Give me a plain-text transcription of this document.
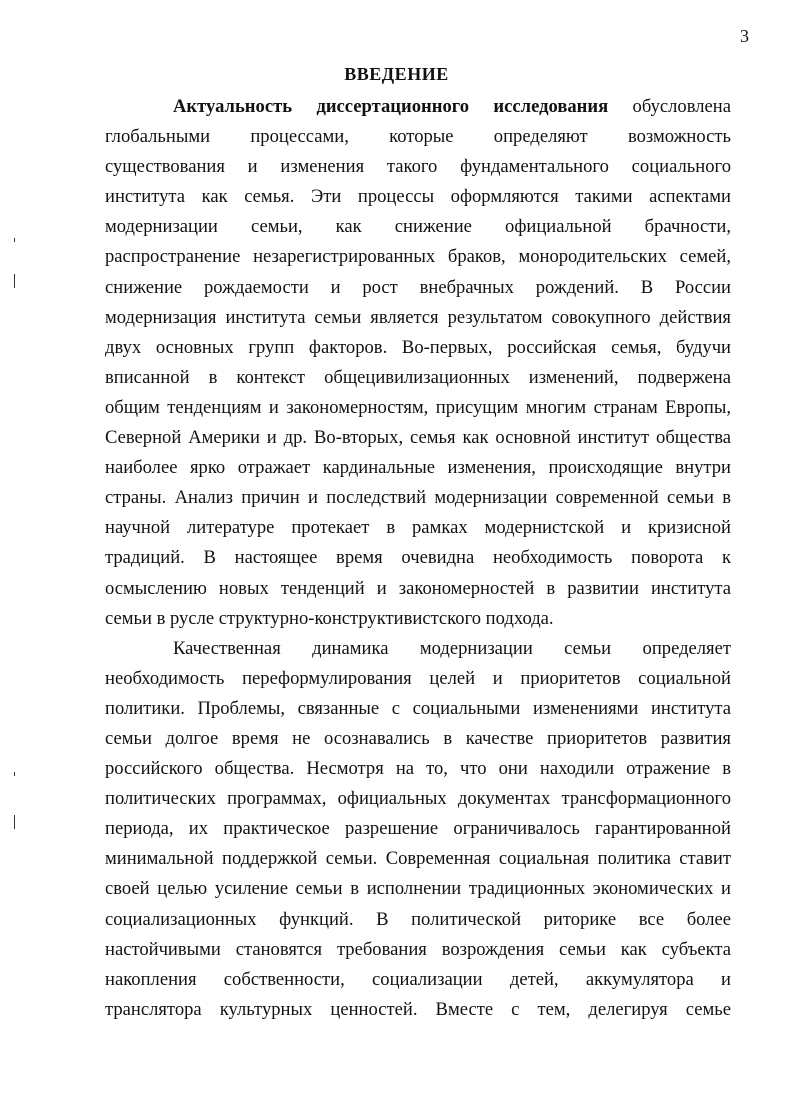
3
ВВЕДЕНИЕ
Актуальность диссертационного исследования обусловлена
глобальными процессами, которые определяют возможность
существования и изменения такого фундаментального социального
института как семья. Эти процессы оформляются такими аспектами
модернизации семьи, как снижение официальной брачности,
распространение незарегистрированных браков, монородительских семей,
снижение рождаемости и рост внебрачных рождений. В России
модернизация института семьи является результатом совокупного действия
двух основных групп факторов. Во-первых, российская семья, будучи
вписанной в контекст общецивилизационных изменений, подвержена
общим тенденциям и закономерностям, присущим многим странам Европы,
Северной Америки и др. Во-вторых, семья как основной институт общества
наиболее ярко отражает кардинальные изменения, происходящие внутри
страны. Анализ причин и последствий модернизации современной семьи в
научной литературе протекает в рамках модернистской и кризисной
традиций. В настоящее время очевидна необходимость поворота к
осмыслению новых тенденций и закономерностей в развитии института
семьи в русле структурно-конструктивистского подхода.
Качественная динамика модернизации семьи определяет
необходимость переформулирования целей и приоритетов социальной
политики. Проблемы, связанные с социальными изменениями института
семьи долгое время не осознавались в качестве приоритетов развития
российского общества. Несмотря на то, что они находили отражение в
политических программах, официальных документах трансформационного
периода, их практическое разрешение ограничивалось гарантированной
минимальной поддержкой семьи. Современная социальная политика ставит
своей целью усиление семьи в исполнении традиционных экономических и
социализационных функций. В политической риторике все более
настойчивыми становятся требования возрождения семьи как субъекта
накопления собственности, социализации детей, аккумулятора и
транслятора культурных ценностей. Вместе с тем, делегируя семье
